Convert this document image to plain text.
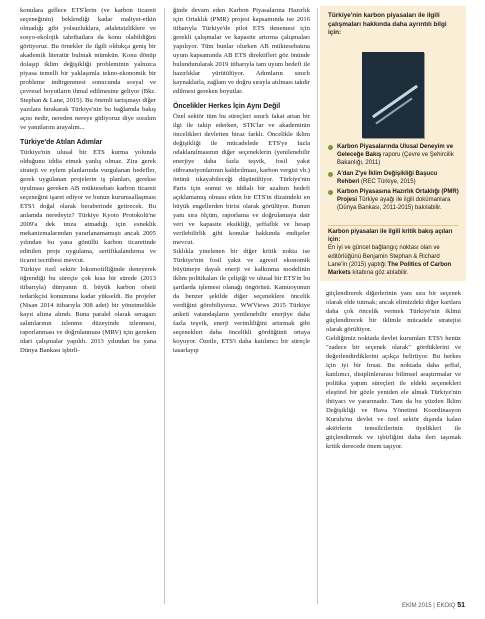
konulara gellece ETS'lerin (ve karbon ticareti seçeneğinin) beklendiği kadar maliyet-etkin olmadığı gibi yolsuzluklara, adaletsizliklere ve sosyo-ekolojik tahribatlara da konu olabildiğini görüyoruz. Bu örnekler ile ilgili oldukça geniş bir akademik literatür bulmak mümkün. Konu dönüp dolaşıp iklim değişikliği probleminin yalnızca piyasa temelli bir yaklaşımla tekno-ekonomik bir probleme indirgenmesi sonucunda sosyal ve çevresel boyutların ihmal edilmesine geliyor (Bkz. Stephan & Lane, 2015). Bu önemli tartışmayı diğer yazılara bırakarak Türkiye'nin bu bağlamda bakış açısı nedir, nereden nereye gidiyoruz diye soralım ve yanıtlarını arayalım...

Türkiye'de Atılan Adımlar

Türkiye'nin ulusal bir ETS kurma yolunda olduğunu iddia etmek yanlış olmaz. Zira gerek strateji ve eylem planlarında vurgulanan hedefler, gerek uygulanan projelerin iş planları, gerekse uyulması gereken AB müktesebatı karbon ticareti seçeneğini işaret ediyor ve bunun kurumsallaşması ETS'i doğal olarak beraberinde getirecek. Bu anlamda neredeyiz? Türkiye Kyoto Protokolü'ne 2009'a dek imza atmadığı için esneklik mekanizmalarından yararlanamamıştı ancak 2005 yılından bu yana gönüllü karbon ticaretinde edinilen proje uygulama, sertifikalandırma ve ticaret tecrübesi mevcut.

Türkiye özel sektör lokomotifliğinde deneyerek öğrendiği bu süreçte çok kısa bir sürede (2013 itibarıyla) dünyanın 8. büyük karbon ofseti tedarikçisi konumuna kadar yükseldi. Bu projeler (Nisan 2014 itibarıyla 308 adet) bir yönetmelikle kayıt altına alındı. Buna paralel olarak seragazı salımlarının izlenme düzeyinde izlenmesi, raporlanması ve doğrulanması (MRV) için gereken idari çalışmalar yapıldı. 2013 yılından bu yana Dünya Bankası işbirli-

ğinde devam eden Karbon Piyasalarına Hazırlık için Ortaklık (PMR) projesi kapsamında ise 2016 itibarıyla Türkiye'de pilot ETS denemesi için gerekli çalışmalar ve kapasite artırma çalışmaları yapılıyor. Tüm bunlar olurken AB müktesebatına uyum kapsamında AB ETS direktifleri göz önünde bulundurularak 2019 itibarıyla tam uyum hedefi ile hazırlıklar yürütülüyor. Adımların sınırlı kaynaklarla, zağlam ve doğru sırayla atılması takdir edilmesi gereken boyutlar.

Öncelikler Herkes İçin Aynı Değil

Özel sektör tüm bu süreçleri sınırlı fakat artan bir ilgi ile takip ederken, STK'lar ve akademinin öncelikleri devletten biraz farklı. Öncelikle iklim değişikliği ile mücadelede ETS'ye fazla odaklanılmasının diğer seçeneklerin (yenilenebilir enerjiye daha fazla teşvik, fosil yakıt sübvansiyonlarının kaldırılması, karbon vergisi vb.) önünü tıkayabileceği düşünülüyor. Türkiye'nin Paris için somut ve iddialı bir azaltım hedefi açıklamamış olması etkin bir ETS'in dizaindeki en büyük engellerden birisi olarak görülüyor. Bunun yanı sıra ölçüm, raporlama ve doğrulamaya dair veri ve kapasite eksikliği, şeffaflık ve hesap verilebilirlik gibi konular hakkında endişeler mevcut.

Sıklıkla yinelenen bir diğer kritik nokta ise Türkiye'nin fosil yakıt ve agresif ekonomik büyümeye dayalı enerji ve kalkınma modelinin iklim politikaları ile çelişiği ve ulusal bir ETS'in bu şartlarda işlemesi olanağı öngörüsü. Kamuoyunun da benzer şekilde diğer seçeneklere öncelik verdiğini görebiliyoruz. WWViews 2015 Türkiye anketi vatandaşların yenilenebilir enerjiye daha fazla teşvik, enerji verimliliğini artırmak gibi seçenekleri daha öncelikli gördüğünü ortaya koyuyor. Özetle, ETS'i daha katılımcı bir süreçle tasarlayıp

Türkiye'nin karbon piyasaları ile ilgili çalışmaları hakkında daha ayrıntılı bilgi için:
Karbon Piyasalarında Ulusal Deneyim ve Geleceğe Bakış raporu (Çevre ve Şehircilik Bakanlığı, 2011)
A'dan Z'ye İklim Değişikliği Başucu Rehberi (REC Türkiye, 2015)
Karbon Piyasasına Hazırlık Ortaklığı (PMR) Projesi Türkiye ayağı ile ilgili dokümanlara (Dünya Bankası, 2011-2015) bakılabilir.
Karbon piyasaları ile ilgili kritik bakış açıları için:
En iyi ve güncel bağlangıç noktası olan ve editörlüğünü Benjamin Stephan & Richard Lane'in (2015) yaptığı The Politics of Carbon Markets kitabına göz atılabilir.

güçlendirerek diğerlerinin yanı sıra bir seçenek olarak elde tutmak; ancak elimizdeki diğer kartlara daha çok öncelik vermek Türkiye'nin iklimi güçlendirecek bir iklimle mücadele stratejisi olarak görülüyor.

Geldiğimiz noktada devlet kurumları ETS'i henüz "zadece bir seçenek olarak" gördüklerini ve değerlendirdiklerini açıkça belirtiyor. Bu herkes için iyi bir fırsat. Bu noktada daha şeffaf, katılımcı, disiplinlerarası bilimsel araştırmalar ve politika yapım süreçleri ile eldeki seçenekleri eleştirel bir gözle yeniden ele almak Türkiye'nin ihtiyacı ve yararınadır. Tam da bu yüzden İklim Değişikliği ve Hava Yönetimi Koordinasyon Kurulu'nu devlet ve özel sektör dışında kalan aktörlerin temsilcilerinin üyelikleri ile güçlendirmek ve işbirliğini daha ileri taşımak kritik derecede önem taşıyor.

EKİM 2015 | EKOIQ 51
